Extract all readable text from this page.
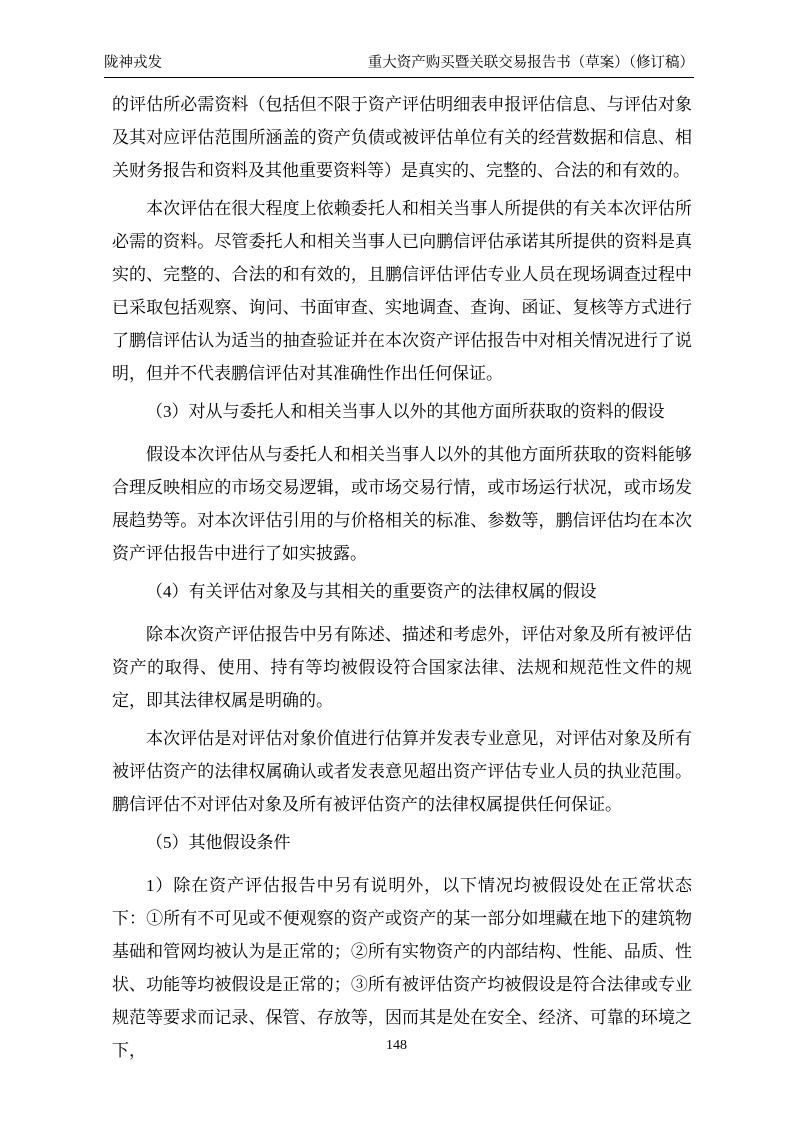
陇神戎发	重大资产购买暨关联交易报告书（草案）（修订稿）

的评估所必需资料（包括但不限于资产评估明细表申报评估信息、与评估对象及其对应评估范围所涵盖的资产负债或被评估单位有关的经营数据和信息、相关财务报告和资料及其他重要资料等）是真实的、完整的、合法的和有效的。

本次评估在很大程度上依赖委托人和相关当事人所提供的有关本次评估所必需的资料。尽管委托人和相关当事人已向鹏信评估承诺其所提供的资料是真实的、完整的、合法的和有效的，且鹏信评估评估专业人员在现场调查过程中已采取包括观察、询问、书面审查、实地调查、查询、函证、复核等方式进行了鹏信评估认为适当的抽查验证并在本次资产评估报告中对相关情况进行了说明，但并不代表鹏信评估对其准确性作出任何保证。

（3）对从与委托人和相关当事人以外的其他方面所获取的资料的假设

假设本次评估从与委托人和相关当事人以外的其他方面所获取的资料能够合理反映相应的市场交易逻辑，或市场交易行情，或市场运行状况，或市场发展趋势等。对本次评估引用的与价格相关的标准、参数等，鹏信评估均在本次资产评估报告中进行了如实披露。

（4）有关评估对象及与其相关的重要资产的法律权属的假设

除本次资产评估报告中另有陈述、描述和考虑外，评估对象及所有被评估资产的取得、使用、持有等均被假设符合国家法律、法规和规范性文件的规定，即其法律权属是明确的。

本次评估是对评估对象价值进行估算并发表专业意见，对评估对象及所有被评估资产的法律权属确认或者发表意见超出资产评估专业人员的执业范围。鹏信评估不对评估对象及所有被评估资产的法律权属提供任何保证。

（5）其他假设条件

1）除在资产评估报告中另有说明外，以下情况均被假设处在正常状态下：①所有不可见或不便观察的资产或资产的某一部分如埋藏在地下的建筑物基础和管网均被认为是正常的；②所有实物资产的内部结构、性能、品质、性状、功能等均被假设是正常的；③所有被评估资产均被假设是符合法律或专业规范等要求而记录、保管、存放等，因而其是处在安全、经济、可靠的环境之下，	148
